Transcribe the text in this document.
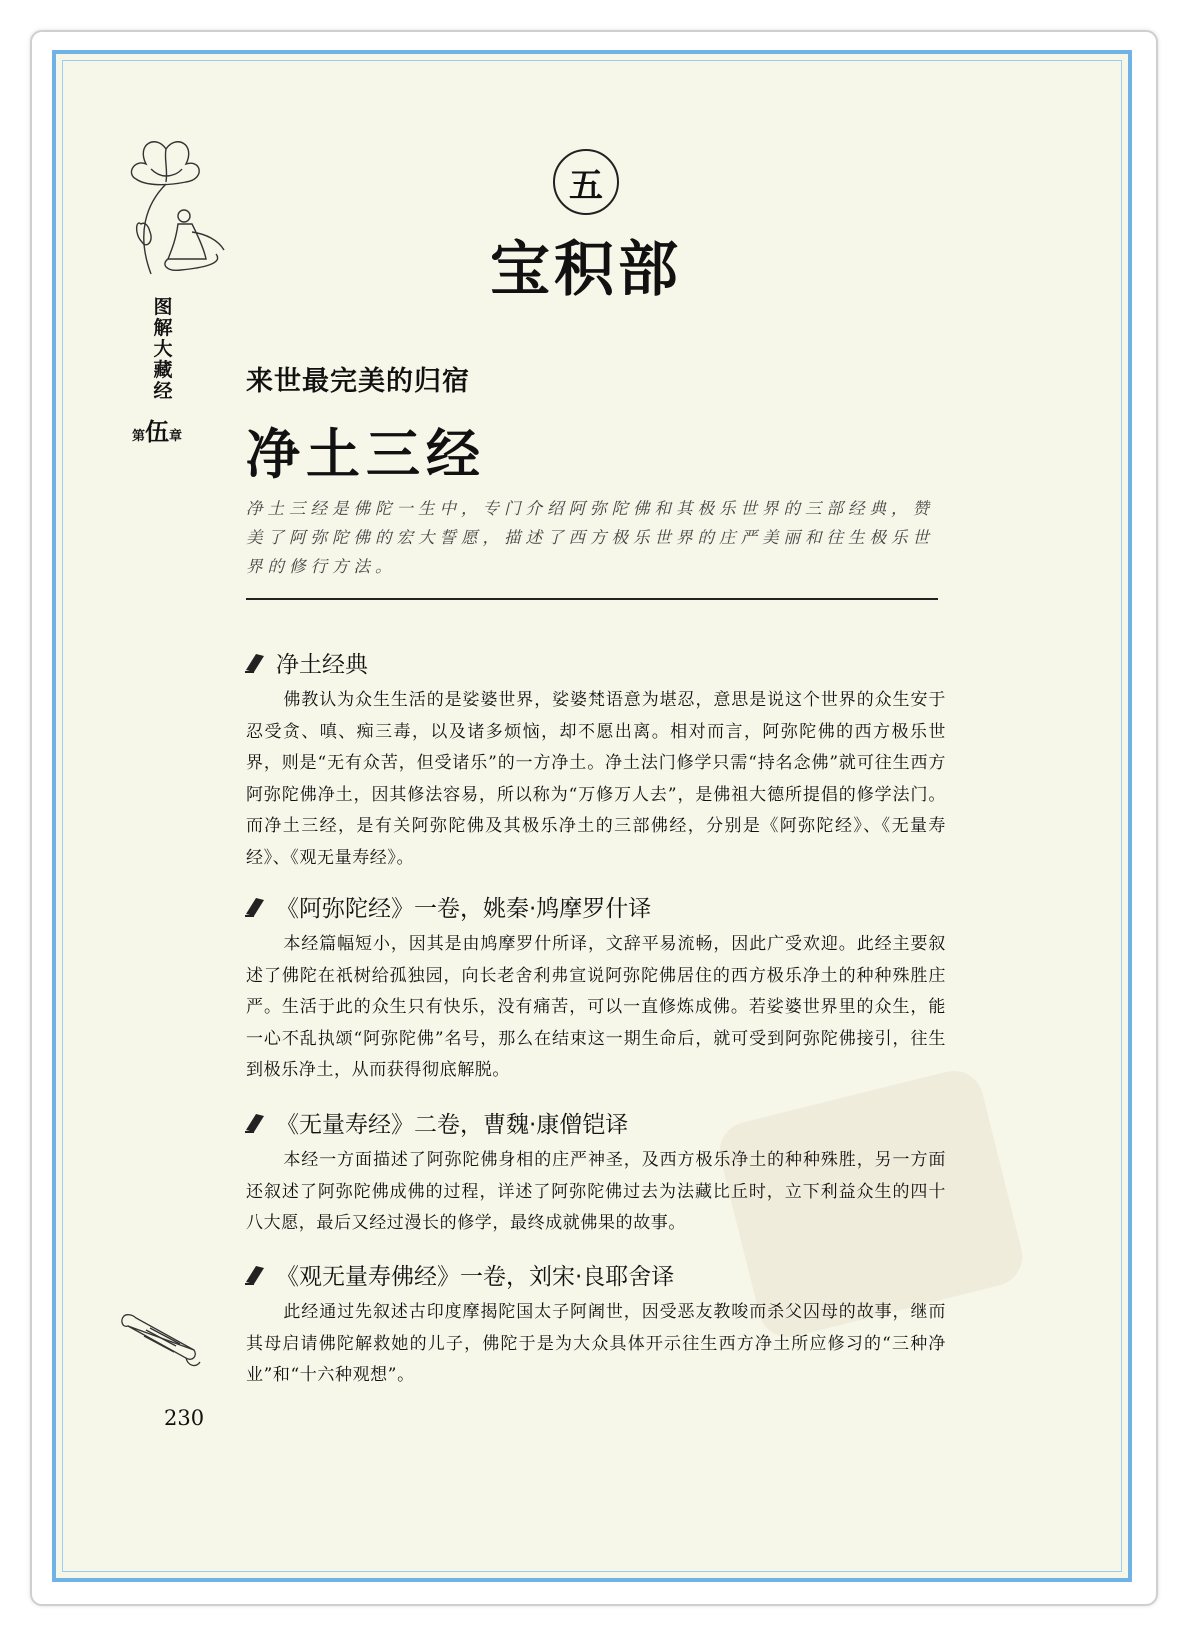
图
解
大
藏
经
第伍章
五
宝积部
来世最完美的归宿
净土三经
净土三经是佛陀一生中，专门介绍阿弥陀佛和其极乐世界的三部经典，赞美了阿弥陀佛的宏大誓愿，描述了西方极乐世界的庄严美丽和往生极乐世界的修行方法。
净土经典
佛教认为众生生活的是娑婆世界，娑婆梵语意为堪忍，意思是说这个世界的众生安于忍受贪、嗔、痴三毒，以及诸多烦恼，却不愿出离。相对而言，阿弥陀佛的西方极乐世界，则是“无有众苦，但受诸乐”的一方净土。净土法门修学只需“持名念佛”就可往生西方阿弥陀佛净土，因其修法容易，所以称为“万修万人去”，是佛祖大德所提倡的修学法门。而净土三经，是有关阿弥陀佛及其极乐净土的三部佛经，分别是《阿弥陀经》、《无量寿经》、《观无量寿经》。
《阿弥陀经》一卷，姚秦·鸠摩罗什译
本经篇幅短小，因其是由鸠摩罗什所译，文辞平易流畅，因此广受欢迎。此经主要叙述了佛陀在祇树给孤独园，向长老舍利弗宣说阿弥陀佛居住的西方极乐净土的种种殊胜庄严。生活于此的众生只有快乐，没有痛苦，可以一直修炼成佛。若娑婆世界里的众生，能一心不乱执颂“阿弥陀佛”名号，那么在结束这一期生命后，就可受到阿弥陀佛接引，往生到极乐净土，从而获得彻底解脱。
《无量寿经》二卷，曹魏·康僧铠译
本经一方面描述了阿弥陀佛身相的庄严神圣，及西方极乐净土的种种殊胜，另一方面还叙述了阿弥陀佛成佛的过程，详述了阿弥陀佛过去为法藏比丘时，立下利益众生的四十八大愿，最后又经过漫长的修学，最终成就佛果的故事。
《观无量寿佛经》一卷，刘宋·良耶舍译
此经通过先叙述古印度摩揭陀国太子阿阇世，因受恶友教唆而杀父囚母的故事，继而其母启请佛陀解救她的儿子，佛陀于是为大众具体开示往生西方净土所应修习的“三种净业”和“十六种观想”。
230
